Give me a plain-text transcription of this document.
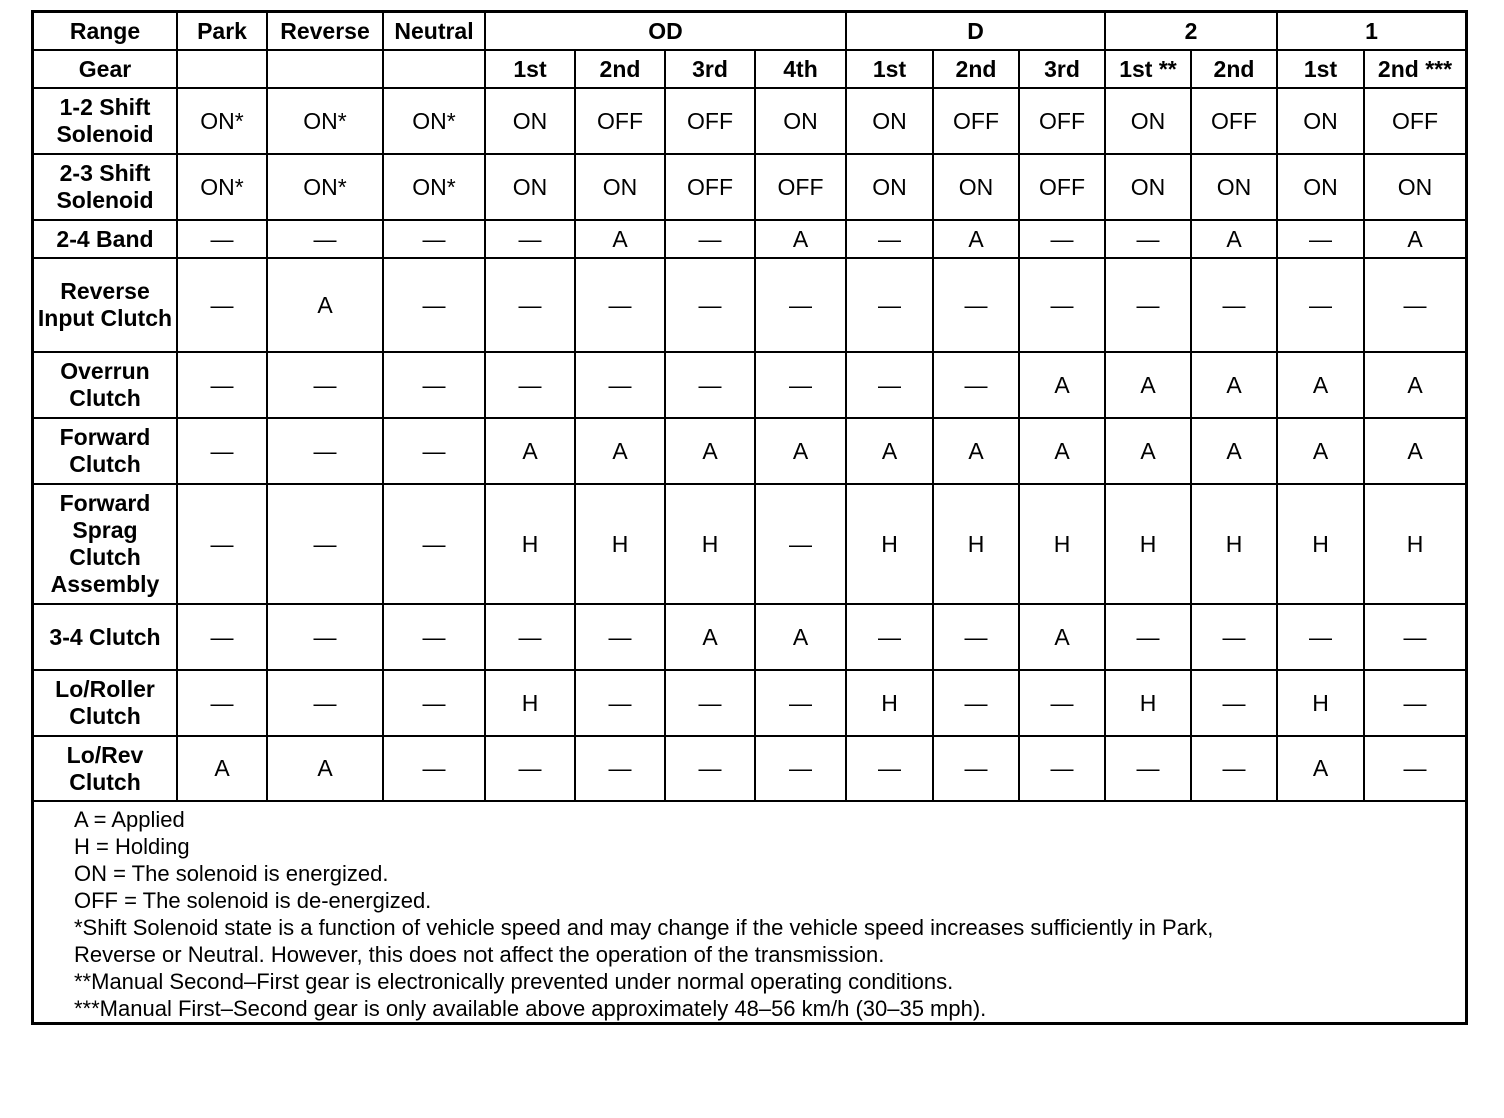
Range	Park	Reverse	Neutral	OD				D			2		1	
Gear				1st	2nd	3rd	4th	1st	2nd	3rd	1st **	2nd	1st	2nd ***
1-2 Shift Solenoid	ON*	ON*	ON*	ON	OFF	OFF	ON	ON	OFF	OFF	ON	OFF	ON	OFF
2-3 Shift Solenoid	ON*	ON*	ON*	ON	ON	OFF	OFF	ON	ON	OFF	ON	ON	ON	ON
2-4 Band	—	—	—	—	A	—	A	—	A	—	—	A	—	A
Reverse Input Clutch	—	A	—	—	—	—	—	—	—	—	—	—	—	—
Overrun Clutch	—	—	—	—	—	—	—	—	—	A	A	A	A	A
Forward Clutch	—	—	—	A	A	A	A	A	A	A	A	A	A	A
Forward Sprag Clutch Assembly	—	—	—	H	H	H	—	H	H	H	H	H	H	H
3-4 Clutch	—	—	—	—	—	A	A	—	—	A	—	—	—	—
Lo/Roller Clutch	—	—	—	H	—	—	—	H	—	—	H	—	H	—
Lo/Rev Clutch	A	A	—	—	—	—	—	—	—	—	—	—	A	—
A = Applied
H = Holding
ON = The solenoid is energized.
OFF = The solenoid is de-energized.
*Shift Solenoid state is a function of vehicle speed and may change if the vehicle speed increases sufficiently in Park,
Reverse or Neutral. However, this does not affect the operation of the transmission.
**Manual Second–First gear is electronically prevented under normal operating conditions.
***Manual First–Second gear is only available above approximately 48–56 km/h (30–35 mph).
